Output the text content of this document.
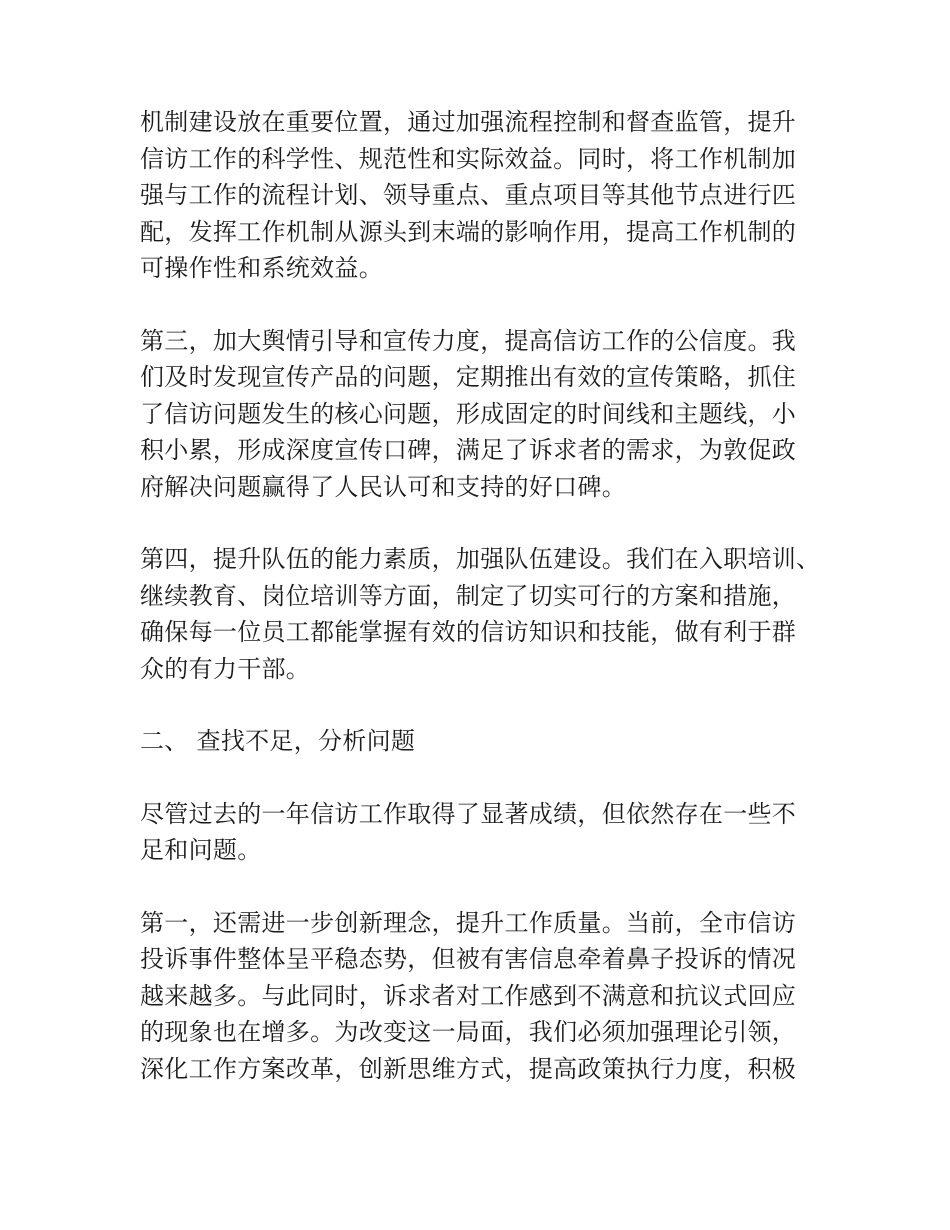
机制建设放在重要位置，通过加强流程控制和督查监管，提升
信访工作的科学性、规范性和实际效益。同时，将工作机制加
强与工作的流程计划、领导重点、重点项目等其他节点进行匹
配，发挥工作机制从源头到末端的影响作用，提高工作机制的
可操作性和系统效益。
第三，加大舆情引导和宣传力度，提高信访工作的公信度。我
们及时发现宣传产品的问题，定期推出有效的宣传策略，抓住
了信访问题发生的核心问题，形成固定的时间线和主题线，小
积小累，形成深度宣传口碑，满足了诉求者的需求，为敦促政
府解决问题赢得了人民认可和支持的好口碑。
第四，提升队伍的能力素质，加强队伍建设。我们在入职培训、
继续教育、岗位培训等方面，制定了切实可行的方案和措施，
确保每一位员工都能掌握有效的信访知识和技能，做有利于群
众的有力干部。
二、 查找不足，分析问题
尽管过去的一年信访工作取得了显著成绩，但依然存在一些不
足和问题。
第一，还需进一步创新理念，提升工作质量。当前，全市信访
投诉事件整体呈平稳态势，但被有害信息牵着鼻子投诉的情况
越来越多。与此同时，诉求者对工作感到不满意和抗议式回应
的现象也在增多。为改变这一局面，我们必须加强理论引领，
深化工作方案改革，创新思维方式，提高政策执行力度，积极
